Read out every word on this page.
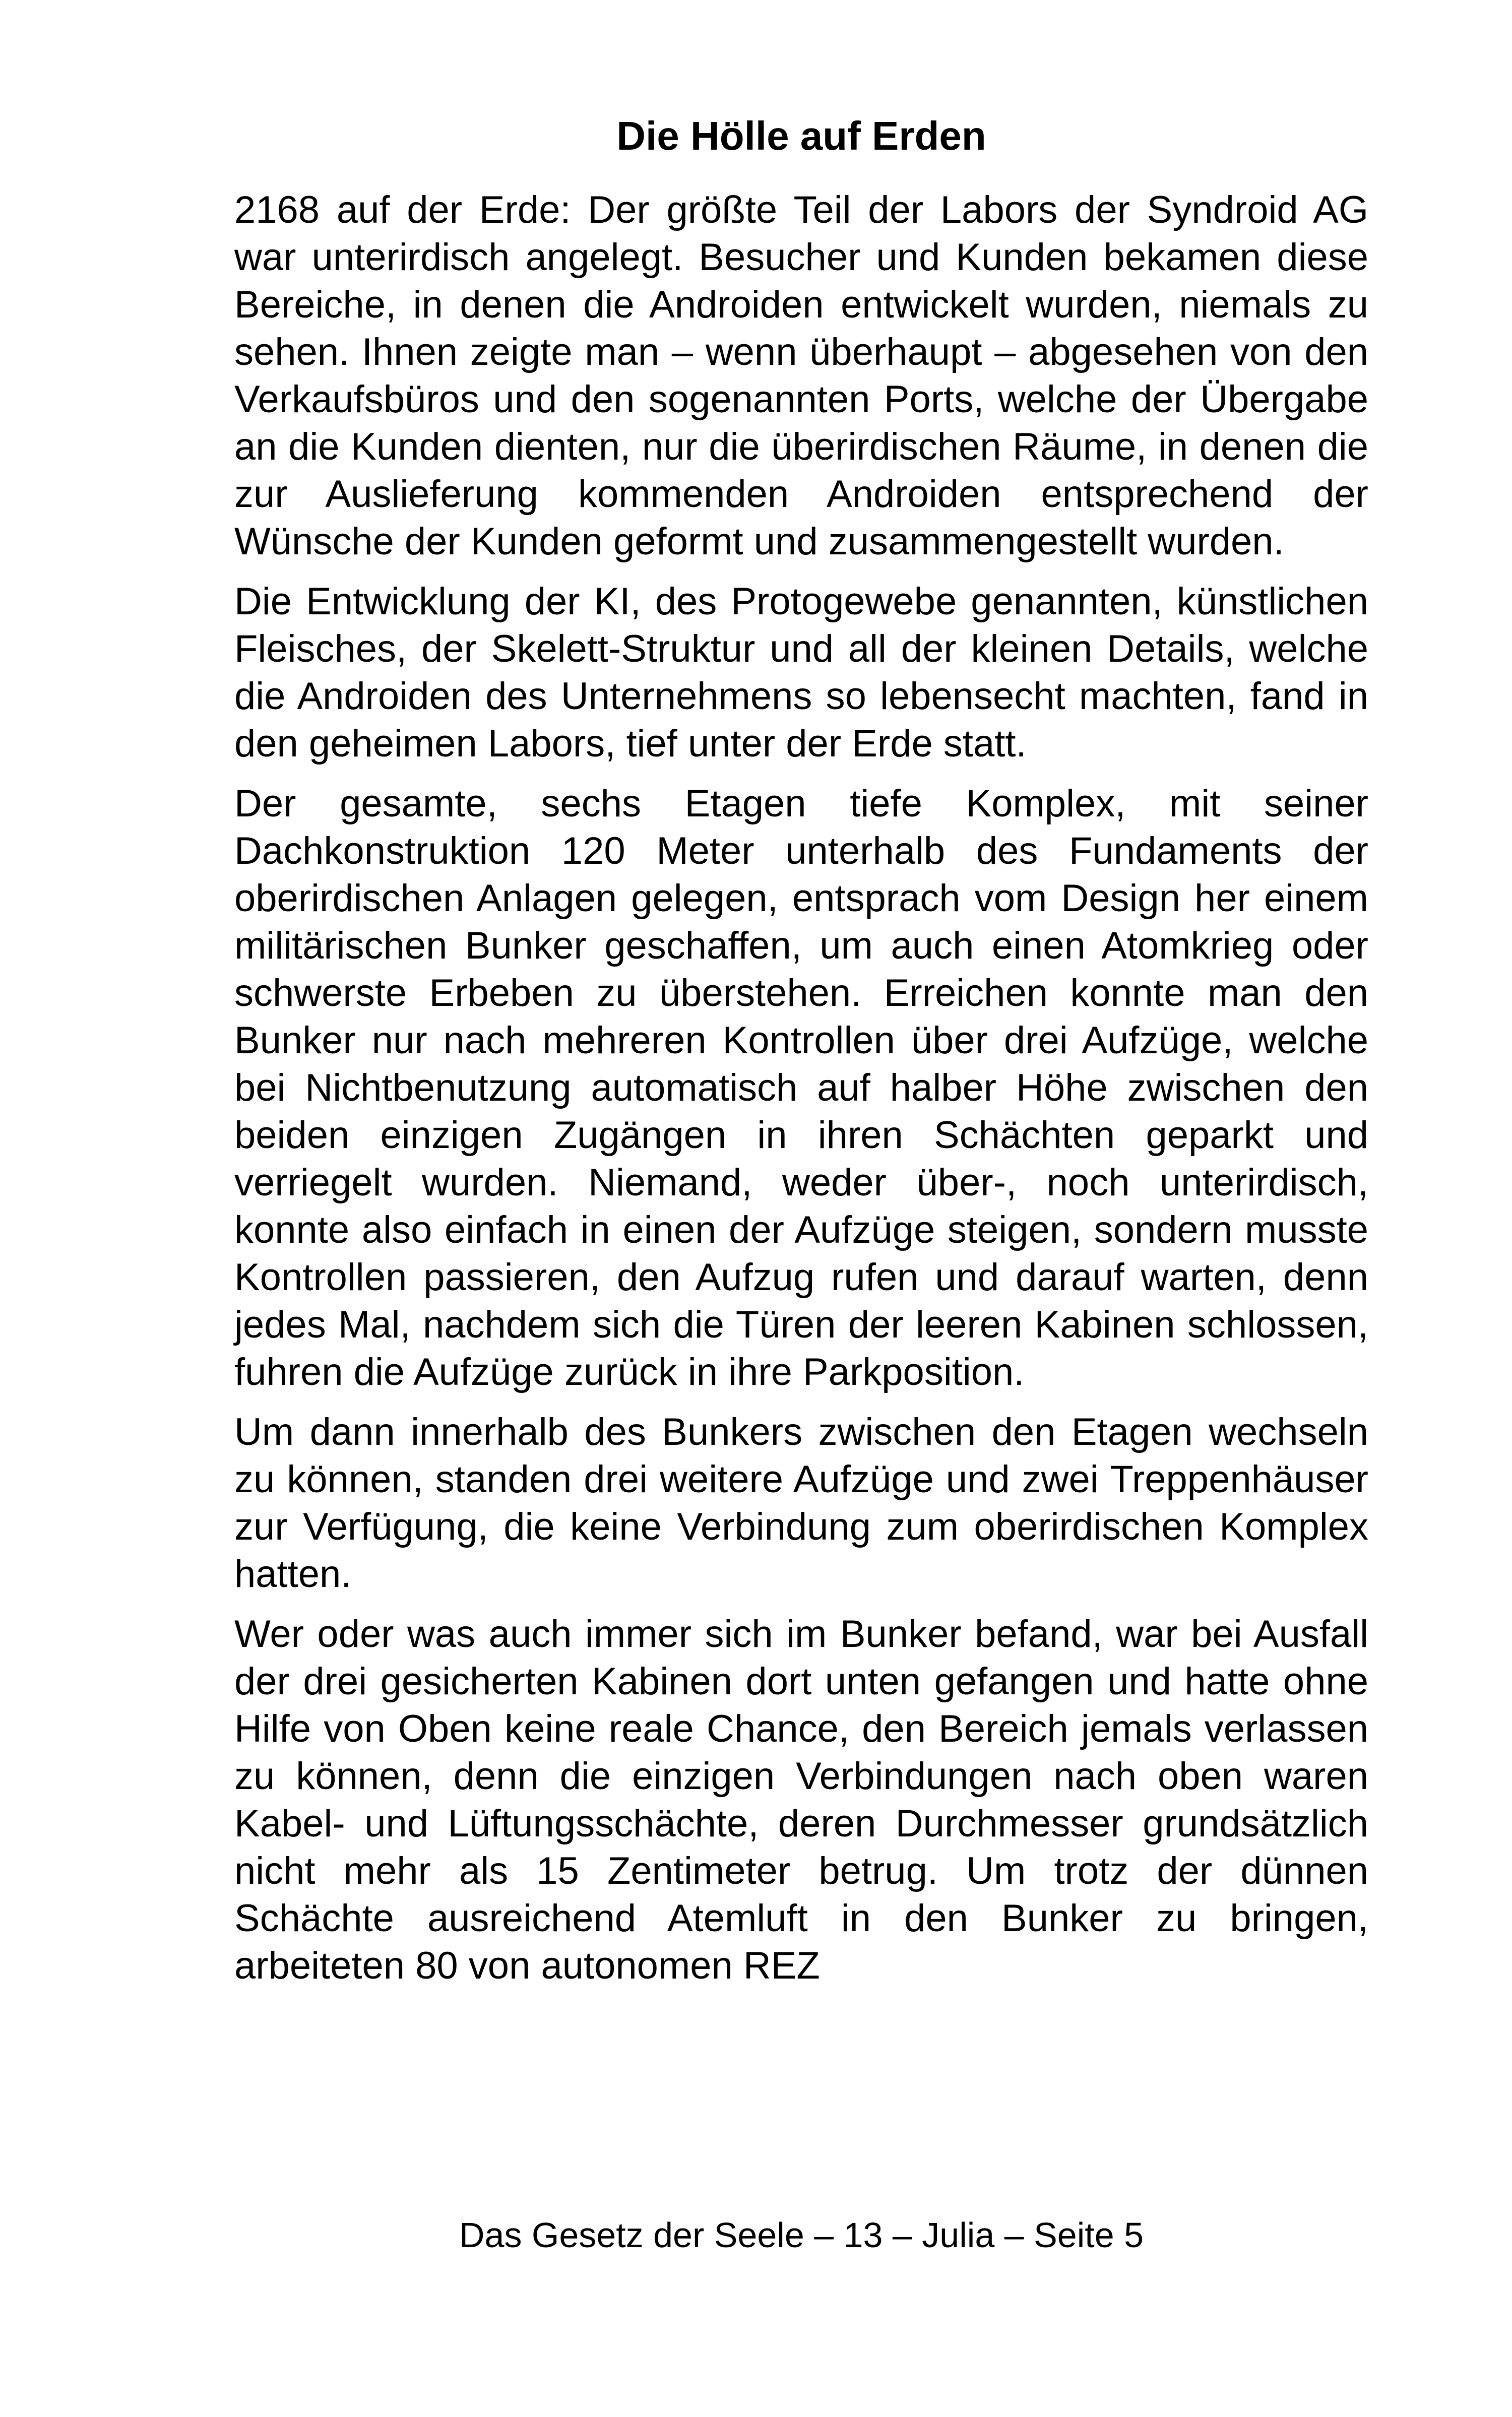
Die Hölle auf Erden

2168 auf der Erde: Der größte Teil der Labors der Syndroid AG war unterirdisch angelegt. Besucher und Kunden bekamen diese Bereiche, in denen die Androiden entwickelt wurden, niemals zu sehen. Ihnen zeigte man – wenn überhaupt – abgesehen von den Verkaufsbüros und den sogenannten Ports, welche der Übergabe an die Kunden dienten, nur die überirdischen Räume, in denen die zur Auslieferung kommenden Androiden entsprechend der Wünsche der Kunden geformt und zusammengestellt wurden.

Die Entwicklung der KI, des Protogewebe genannten, künstlichen Fleisches, der Skelett-Struktur und all der kleinen Details, welche die Androiden des Unternehmens so lebensecht machten, fand in den geheimen Labors, tief unter der Erde statt.

Der gesamte, sechs Etagen tiefe Komplex, mit seiner Dachkonstruktion 120 Meter unterhalb des Fundaments der oberirdischen Anlagen gelegen, entsprach vom Design her einem militärischen Bunker geschaffen, um auch einen Atomkrieg oder schwerste Erbeben zu überstehen. Erreichen konnte man den Bunker nur nach mehreren Kontrollen über drei Aufzüge, welche bei Nichtbenutzung automatisch auf halber Höhe zwischen den beiden einzigen Zugängen in ihren Schächten geparkt und verriegelt wurden. Niemand, weder über-, noch unterirdisch, konnte also einfach in einen der Aufzüge steigen, sondern musste Kontrollen passieren, den Aufzug rufen und darauf warten, denn jedes Mal, nachdem sich die Türen der leeren Kabinen schlossen, fuhren die Aufzüge zurück in ihre Parkposition.

Um dann innerhalb des Bunkers zwischen den Etagen wechseln zu können, standen drei weitere Aufzüge und zwei Treppenhäuser zur Verfügung, die keine Verbindung zum oberirdischen Komplex hatten.

Wer oder was auch immer sich im Bunker befand, war bei Ausfall der drei gesicherten Kabinen dort unten gefangen und hatte ohne Hilfe von Oben keine reale Chance, den Bereich jemals verlassen zu können, denn die einzigen Verbindungen nach oben waren Kabel- und Lüftungsschächte, deren Durchmesser grundsätzlich nicht mehr als 15 Zentimeter betrug. Um trotz der dünnen Schächte ausreichend Atemluft in den Bunker zu bringen, arbeiteten 80 von autonomen REZ

Das Gesetz der Seele – 13 – Julia – Seite 5
